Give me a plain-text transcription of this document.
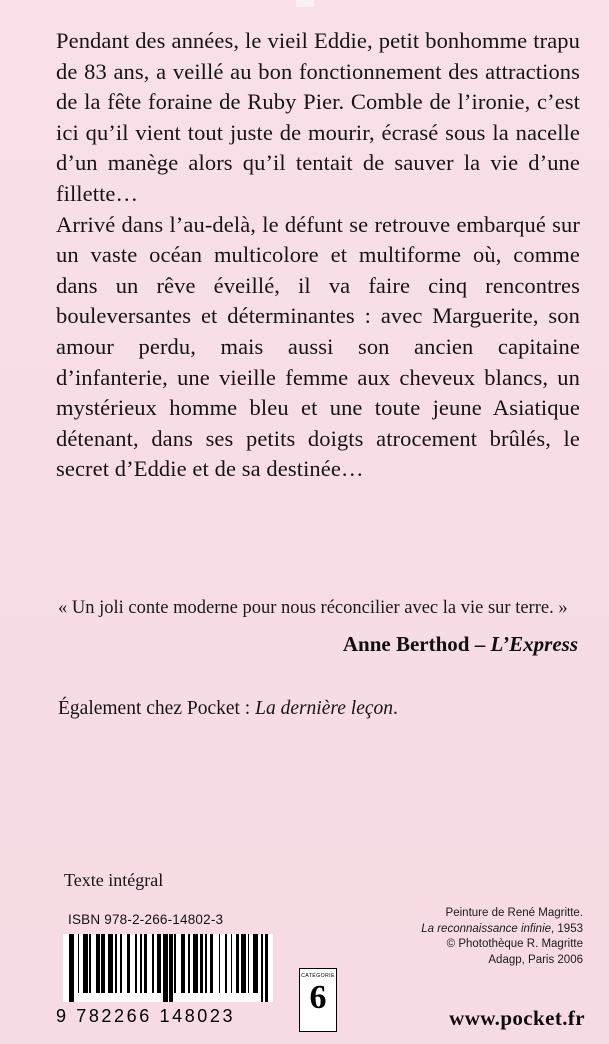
Pendant des années, le vieil Eddie, petit bonhomme trapu de 83 ans, a veillé au bon fonctionnement des attractions de la fête foraine de Ruby Pier. Comble de l’ironie, c’est ici qu’il vient tout juste de mourir, écrasé sous la nacelle d’un manège alors qu’il tentait de sauver la vie d’une fillette…

Arrivé dans l’au-delà, le défunt se retrouve embarqué sur un vaste océan multicolore et multiforme où, comme dans un rêve éveillé, il va faire cinq rencontres bouleversantes et déterminantes : avec Marguerite, son amour perdu, mais aussi son ancien capitaine d’infanterie, une vieille femme aux cheveux blancs, un mystérieux homme bleu et une toute jeune Asiatique détenant, dans ses petits doigts atrocement brûlés, le secret d’Eddie et de sa destinée…

« Un joli conte moderne pour nous réconcilier avec la vie sur terre. »

Anne Berthod – L’Express

Également chez Pocket : La dernière leçon.
Texte intégral
ISBN 978-2-266-14802-3
9 782266 148023
CATÉGORIE
6
Peinture de René Magritte.
La reconnaissance infinie, 1953
© Photothèque R. Magritte
Adagp, Paris 2006
www.pocket.fr
